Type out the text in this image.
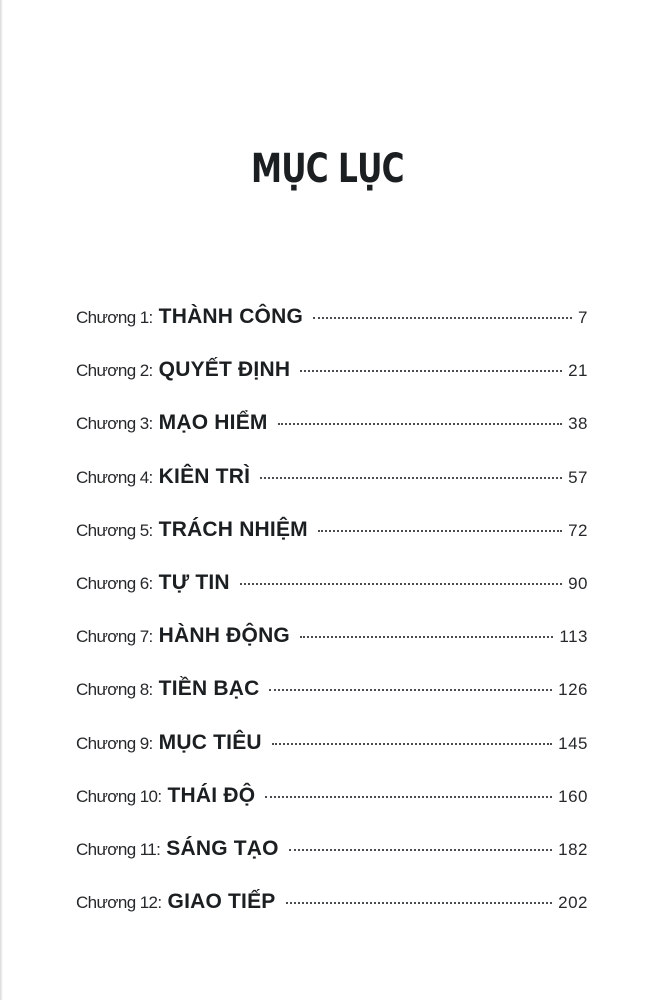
MỤC LỤC
Chương 1: THÀNH CÔNG	7
Chương 2: QUYẾT ĐỊNH	21
Chương 3: MẠO HIỂM	38
Chương 4: KIÊN TRÌ	57
Chương 5: TRÁCH NHIỆM	72
Chương 6: TỰ TIN	90
Chương 7: HÀNH ĐỘNG	113
Chương 8: TIỀN BẠC	126
Chương 9: MỤC TIÊU	145
Chương 10: THÁI ĐỘ	160
Chương 11: SÁNG TẠO	182
Chương 12: GIAO TIẾP	202
